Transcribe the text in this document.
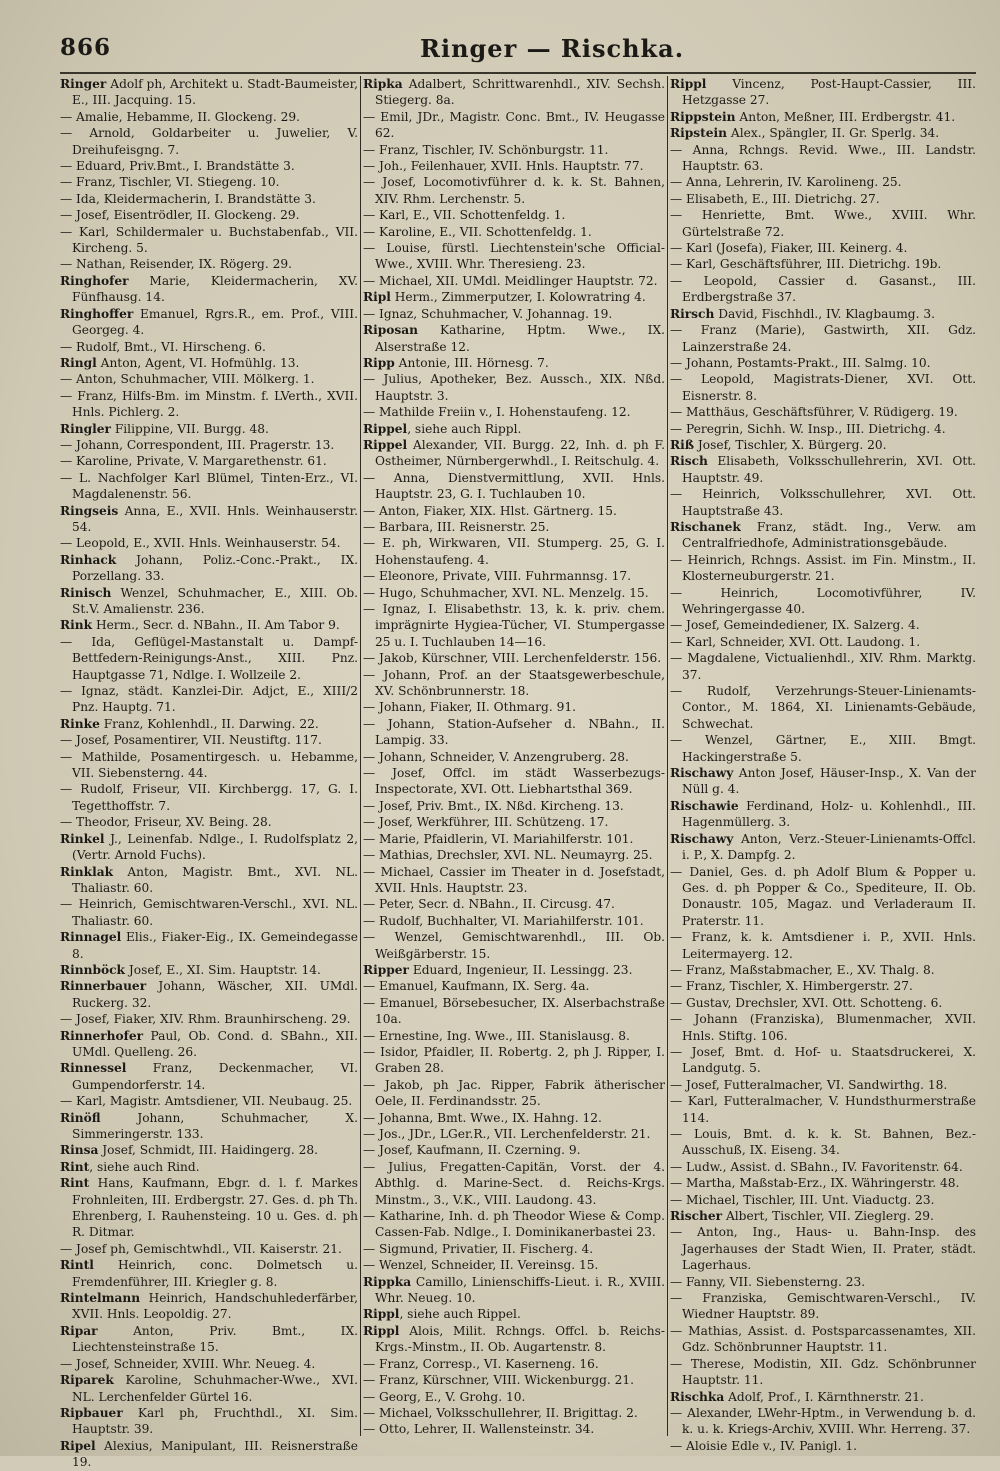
866	Ringer — Rischka.

Ringer Adolf ph, Architekt u. Stadt-Baumeister, E., III. Jacquing. 15.

— Amalie, Hebamme, II. Glockeng. 29.

— Arnold, Goldarbeiter u. Juwelier, V. Dreihufeisgng. 7.

— Eduard, Priv.Bmt., I. Brandstätte 3.

— Franz, Tischler, VI. Stiegeng. 10.

— Ida, Kleidermacherin, I. Brandstätte 3.

— Josef, Eisentrödler, II. Glockeng. 29.

— Karl, Schildermaler u. Buchstabenfab., VII. Kircheng. 5.

— Nathan, Reisender, IX. Rögerg. 29.

Ringhofer Marie, Kleidermacherin, XV. Fünfhausg. 14.

Ringhoffer Emanuel, Rgrs.R., em. Prof., VIII. Georgeg. 4.

— Rudolf, Bmt., VI. Hirscheng. 6.

Ringl Anton, Agent, VI. Hofmühlg. 13.

— Anton, Schuhmacher, VIII. Mölkerg. 1.

— Franz, Hilfs-Bm. im Minstm. f. LVerth., XVII. Hnls. Pichlerg. 2.

Ringler Filippine, VII. Burgg. 48.

— Johann, Correspondent, III. Pragerstr. 13.

— Karoline, Private, V. Margarethenstr. 61.

— L. Nachfolger Karl Blümel, Tinten-Erz., VI. Magdalenenstr. 56.

Ringseis Anna, E., XVII. Hnls. Weinhauserstr. 54.

— Leopold, E., XVII. Hnls. Weinhauserstr. 54.

Rinhack Johann, Poliz.-Conc.-Prakt., IX. Porzellang. 33.

Rinisch Wenzel, Schuhmacher, E., XIII. Ob. St.V. Amalienstr. 236.

Rink Herm., Secr. d. NBahn., II. Am Tabor 9.

— Ida, Geflügel-Mastanstalt u. Dampf-Bettfedern-Reinigungs-Anst., XIII. Pnz. Hauptgasse 71, Ndlge. I. Wollzeile 2.

— Ignaz, städt. Kanzlei-Dir. Adjct, E., XIII/2 Pnz. Hauptg. 71.

Rinke Franz, Kohlenhdl., II. Darwing. 22.

— Josef, Posamentirer, VII. Neustiftg. 117.

— Mathilde, Posamentirgesch. u. Hebamme, VII. Siebensterng. 44.

— Rudolf, Friseur, VII. Kirchbergg. 17, G. I. Tegetthoffstr. 7.

— Theodor, Friseur, XV. Being. 28.

Rinkel J., Leinenfab. Ndlge., I. Rudolfsplatz 2, (Vertr. Arnold Fuchs).

Rinklak Anton, Magistr. Bmt., XVI. NL. Thaliastr. 60.

— Heinrich, Gemischtwaren-Verschl., XVI. NL. Thaliastr. 60.

Rinnagel Elis., Fiaker-Eig., IX. Gemeindegasse 8.

Rinnböck Josef, E., XI. Sim. Hauptstr. 14.

Rinnerbauer Johann, Wäscher, XII. UMdl. Ruckerg. 32.

— Josef, Fiaker, XIV. Rhm. Braunhirscheng. 29.

Rinnerhofer Paul, Ob. Cond. d. SBahn., XII. UMdl. Quelleng. 26.

Rinnessel Franz, Deckenmacher, VI. Gumpendorferstr. 14.

— Karl, Magistr. Amtsdiener, VII. Neubaug. 25.

Rinöfl Johann, Schuhmacher, X. Simmeringerstr. 133.

Rinsa Josef, Schmidt, III. Haidingerg. 28.

Rint, siehe auch Rind.

Rint Hans, Kaufmann, Ebgr. d. l. f. Markes Frohnleiten, III. Erdbergstr. 27. Ges. d. ph Th. Ehrenberg, I. Rauhensteing. 10 u. Ges. d. ph R. Ditmar.

— Josef ph, Gemischtwhdl., VII. Kaiserstr. 21.

Rintl Heinrich, conc. Dolmetsch u. Fremdenführer, III. Kriegler g. 8.

Rintelmann Heinrich, Handschuhlederfärber, XVII. Hnls. Leopoldig. 27.

Ripar Anton, Priv. Bmt., IX. Liechtensteinstraße 15.

— Josef, Schneider, XVIII. Whr. Neueg. 4.

Riparek Karoline, Schuhmacher-Wwe., XVI. NL. Lerchenfelder Gürtel 16.

Ripbauer Karl ph, Fruchthdl., XI. Sim. Hauptstr. 39.

Ripel Alexius, Manipulant, III. Reisnerstraße 19.

Ripka Adalbert, Schrittwarenhdl., XIV. Sechsh. Stiegerg. 8a.

— Emil, JDr., Magistr. Conc. Bmt., IV. Heugasse 62.

— Franz, Tischler, IV. Schönburgstr. 11.

— Joh., Feilenhauer, XVII. Hnls. Hauptstr. 77.

— Josef, Locomotivführer d. k. k. St. Bahnen, XIV. Rhm. Lerchenstr. 5.

— Karl, E., VII. Schottenfeldg. 1.

— Karoline, E., VII. Schottenfeldg. 1.

— Louise, fürstl. Liechtenstein'sche Official-Wwe., XVIII. Whr. Theresieng. 23.

— Michael, XII. UMdl. Meidlinger Hauptstr. 72.

Ripl Herm., Zimmerputzer, I. Kolowratring 4.

— Ignaz, Schuhmacher, V. Johannag. 19.

Riposan Katharine, Hptm. Wwe., IX. Alserstraße 12.

Ripp Antonie, III. Hörnesg. 7.

— Julius, Apotheker, Bez. Aussch., XIX. Nßd. Hauptstr. 3.

— Mathilde Freiin v., I. Hohenstaufeng. 12.

Rippel, siehe auch Rippl.

Rippel Alexander, VII. Burgg. 22, Inh. d. ph F. Ostheimer, Nürnbergerwhdl., I. Reitschulg. 4.

— Anna, Dienstvermittlung, XVII. Hnls. Hauptstr. 23, G. I. Tuchlauben 10.

— Anton, Fiaker, XIX. Hlst. Gärtnerg. 15.

— Barbara, III. Reisnerstr. 25.

— E. ph, Wirkwaren, VII. Stumperg. 25, G. I. Hohenstaufeng. 4.

— Eleonore, Private, VIII. Fuhrmannsg. 17.

— Hugo, Schuhmacher, XVI. NL. Menzelg. 15.

— Ignaz, I. Elisabethstr. 13, k. k. priv. chem. imprägnirte Hygiea-Tücher, VI. Stumpergasse 25 u. I. Tuchlauben 14—16.

— Jakob, Kürschner, VIII. Lerchenfelderstr. 156.

— Johann, Prof. an der Staatsgewerbeschule, XV. Schönbrunnerstr. 18.

— Johann, Fiaker, II. Othmarg. 91.

— Johann, Station-Aufseher d. NBahn., II. Lampig. 33.

— Johann, Schneider, V. Anzengruberg. 28.

— Josef, Offcl. im städt Wasserbezugs-Inspectorate, XVI. Ott. Liebhartsthal 369.

— Josef, Priv. Bmt., IX. Nßd. Kircheng. 13.

— Josef, Werkführer, III. Schützeng. 17.

— Marie, Pfaidlerin, VI. Mariahilferstr. 101.

— Mathias, Drechsler, XVI. NL. Neumayrg. 25.

— Michael, Cassier im Theater in d. Josefstadt, XVII. Hnls. Hauptstr. 23.

— Peter, Secr. d. NBahn., II. Circusg. 47.

— Rudolf, Buchhalter, VI. Mariahilferstr. 101.

— Wenzel, Gemischtwarenhdl., III. Ob. Weißgärberstr. 15.

Ripper Eduard, Ingenieur, II. Lessingg. 23.

— Emanuel, Kaufmann, IX. Serg. 4a.

— Emanuel, Börsebesucher, IX. Alserbachstraße 10a.

— Ernestine, Ing. Wwe., III. Stanislausg. 8.

— Isidor, Pfaidler, II. Robertg. 2, ph J. Ripper, I. Graben 28.

— Jakob, ph Jac. Ripper, Fabrik ätherischer Oele, II. Ferdinandsstr. 25.

— Johanna, Bmt. Wwe., IX. Hahng. 12.

— Jos., JDr., LGer.R., VII. Lerchenfelderstr. 21.

— Josef, Kaufmann, II. Czerning. 9.

— Julius, Fregatten-Capitän, Vorst. der 4. Abthlg. d. Marine-Sect. d. Reichs-Krgs. Minstm., 3., V.K., VIII. Laudong. 43.

— Katharine, Inh. d. ph Theodor Wiese & Comp. Cassen-Fab. Ndlge., I. Dominikanerbastei 23.

— Sigmund, Privatier, II. Fischerg. 4.

— Wenzel, Schneider, II. Vereinsg. 15.

Rippka Camillo, Linienschiffs-Lieut. i. R., XVIII. Whr. Neueg. 10.

Rippl, siehe auch Rippel.

Rippl Alois, Milit. Rchngs. Offcl. b. Reichs-Krgs.-Minstm., II. Ob. Augartenstr. 8.

— Franz, Corresp., VI. Kaserneng. 16.

— Franz, Kürschner, VIII. Wickenburgg. 21.

— Georg, E., V. Grohg. 10.

— Michael, Volksschullehrer, II. Brigittag. 2.

— Otto, Lehrer, II. Wallensteinstr. 34.

Rippl Vincenz, Post-Haupt-Cassier, III. Hetzgasse 27.

Rippstein Anton, Meßner, III. Erdbergstr. 41.

Ripstein Alex., Spängler, II. Gr. Sperlg. 34.

— Anna, Rchngs. Revid. Wwe., III. Landstr. Hauptstr. 63.

— Anna, Lehrerin, IV. Karolineng. 25.

— Elisabeth, E., III. Dietrichg. 27.

— Henriette, Bmt. Wwe., XVIII. Whr. Gürtelstraße 72.

— Karl (Josefa), Fiaker, III. Keinerg. 4.

— Karl, Geschäftsführer, III. Dietrichg. 19b.

— Leopold, Cassier d. Gasanst., III. Erdbergstraße 37.

Rirsch David, Fischhdl., IV. Klagbaumg. 3.

— Franz (Marie), Gastwirth, XII. Gdz. Lainzerstraße 24.

— Johann, Postamts-Prakt., III. Salmg. 10.

— Leopold, Magistrats-Diener, XVI. Ott. Eisnerstr. 8.

— Matthäus, Geschäftsführer, V. Rüdigerg. 19.

— Peregrin, Sichh. W. Insp., III. Dietrichg. 4.

Riß Josef, Tischler, X. Bürgerg. 20.

Risch Elisabeth, Volksschullehrerin, XVI. Ott. Hauptstr. 49.

— Heinrich, Volksschullehrer, XVI. Ott. Hauptstraße 43.

Rischanek Franz, städt. Ing., Verw. am Centralfriedhofe, Administrationsgebäude.

— Heinrich, Rchngs. Assist. im Fin. Minstm., II. Klosterneuburgerstr. 21.

— Heinrich, Locomotivführer, IV. Wehringergasse 40.

— Josef, Gemeindediener, IX. Salzerg. 4.

— Karl, Schneider, XVI. Ott. Laudong. 1.

— Magdalene, Victualienhdl., XIV. Rhm. Marktg. 37.

— Rudolf, Verzehrungs-Steuer-Linienamts-Contor., M. 1864, XI. Linienamts-Gebäude, Schwechat.

— Wenzel, Gärtner, E., XIII. Bmgt. Hackingerstraße 5.

Rischawy Anton Josef, Häuser-Insp., X. Van der Nüll g. 4.

Rischawie Ferdinand, Holz- u. Kohlenhdl., III. Hagenmüllerg. 3.

Rischawy Anton, Verz.-Steuer-Linienamts-Offcl. i. P., X. Dampfg. 2.

— Daniel, Ges. d. ph Adolf Blum & Popper u. Ges. d. ph Popper & Co., Spediteure, II. Ob. Donaustr. 105, Magaz. und Verladeraum II. Praterstr. 11.

— Franz, k. k. Amtsdiener i. P., XVII. Hnls. Leitermayerg. 12.

— Franz, Maßstabmacher, E., XV. Thalg. 8.

— Franz, Tischler, X. Himbergerstr. 27.

— Gustav, Drechsler, XVI. Ott. Schotteng. 6.

— Johann (Franziska), Blumenmacher, XVII. Hnls. Stiftg. 106.

— Josef, Bmt. d. Hof- u. Staatsdruckerei, X. Landgutg. 5.

— Josef, Futteralmacher, VI. Sandwirthg. 18.

— Karl, Futteralmacher, V. Hundsthurmerstraße 114.

— Louis, Bmt. d. k. k. St. Bahnen, Bez.-Ausschuß, IX. Eiseng. 34.

— Ludw., Assist. d. SBahn., IV. Favoritenstr. 64.

— Martha, Maßstab-Erz., IX. Währingerstr. 48.

— Michael, Tischler, III. Unt. Viaductg. 23.

Rischer Albert, Tischler, VII. Zieglerg. 29.

— Anton, Ing., Haus- u. Bahn-Insp. des Jagerhauses der Stadt Wien, II. Prater, städt. Lagerhaus.

— Fanny, VII. Siebensterng. 23.

— Franziska, Gemischtwaren-Verschl., IV. Wiedner Hauptstr. 89.

— Mathias, Assist. d. Postsparcassenamtes, XII. Gdz. Schönbrunner Hauptstr. 11.

— Therese, Modistin, XII. Gdz. Schönbrunner Hauptstr. 11.

Rischka Adolf, Prof., I. Kärnthnerstr. 21.

— Alexander, LWehr-Hptm., in Verwendung b. d. k. u. k. Kriegs-Archiv, XVIII. Whr. Herreng. 37.

— Aloisie Edle v., IV. Panigl. 1.
